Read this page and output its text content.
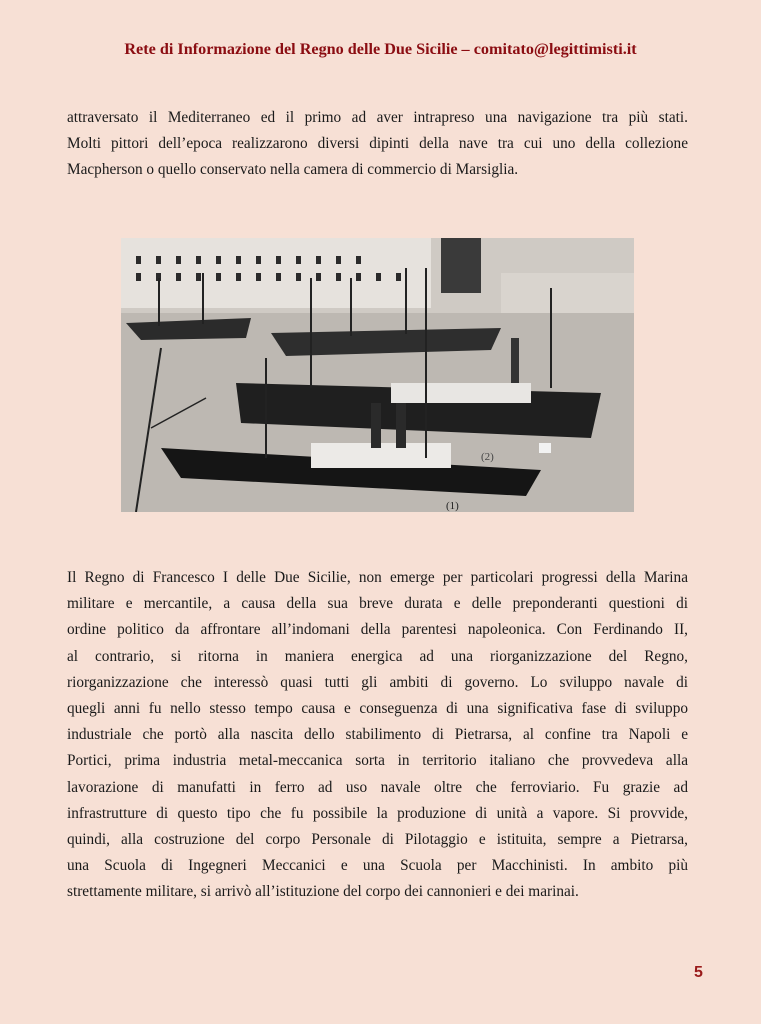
Rete di Informazione del Regno delle Due Sicilie – comitato@legittimisti.it
attraversato il Mediterraneo ed il primo ad aver intrapreso una navigazione tra più stati.
Molti pittori dell’epoca realizzarono diversi dipinti della nave tra cui uno della collezione
Macpherson o quello conservato nella camera di commercio di Marsiglia.
(1)
(2)
Il Regno di Francesco I delle Due Sicilie, non emerge per particolari progressi della Marina
militare e mercantile, a causa della sua breve durata e delle preponderanti questioni di
ordine politico da affrontare all’indomani della parentesi napoleonica. Con Ferdinando II,
al contrario, si ritorna in maniera energica ad una riorganizzazione del Regno,
riorganizzazione che interessò quasi tutti gli ambiti di governo. Lo sviluppo navale di
quegli anni fu nello stesso tempo causa e conseguenza di una significativa fase di sviluppo
industriale che portò alla nascita dello stabilimento di Pietrarsa, al confine tra Napoli e
Portici, prima industria metal-meccanica sorta in territorio italiano che provvedeva alla
lavorazione di manufatti in ferro ad uso navale oltre che ferroviario. Fu grazie ad
infrastrutture di questo tipo che fu possibile la produzione di unità a vapore. Si provvide,
quindi, alla costruzione del corpo Personale di Pilotaggio e istituita, sempre a Pietrarsa,
una Scuola di Ingegneri Meccanici e una Scuola per Macchinisti. In ambito più
strettamente militare, si arrivò all’istituzione del corpo dei cannonieri e dei marinai.
5
